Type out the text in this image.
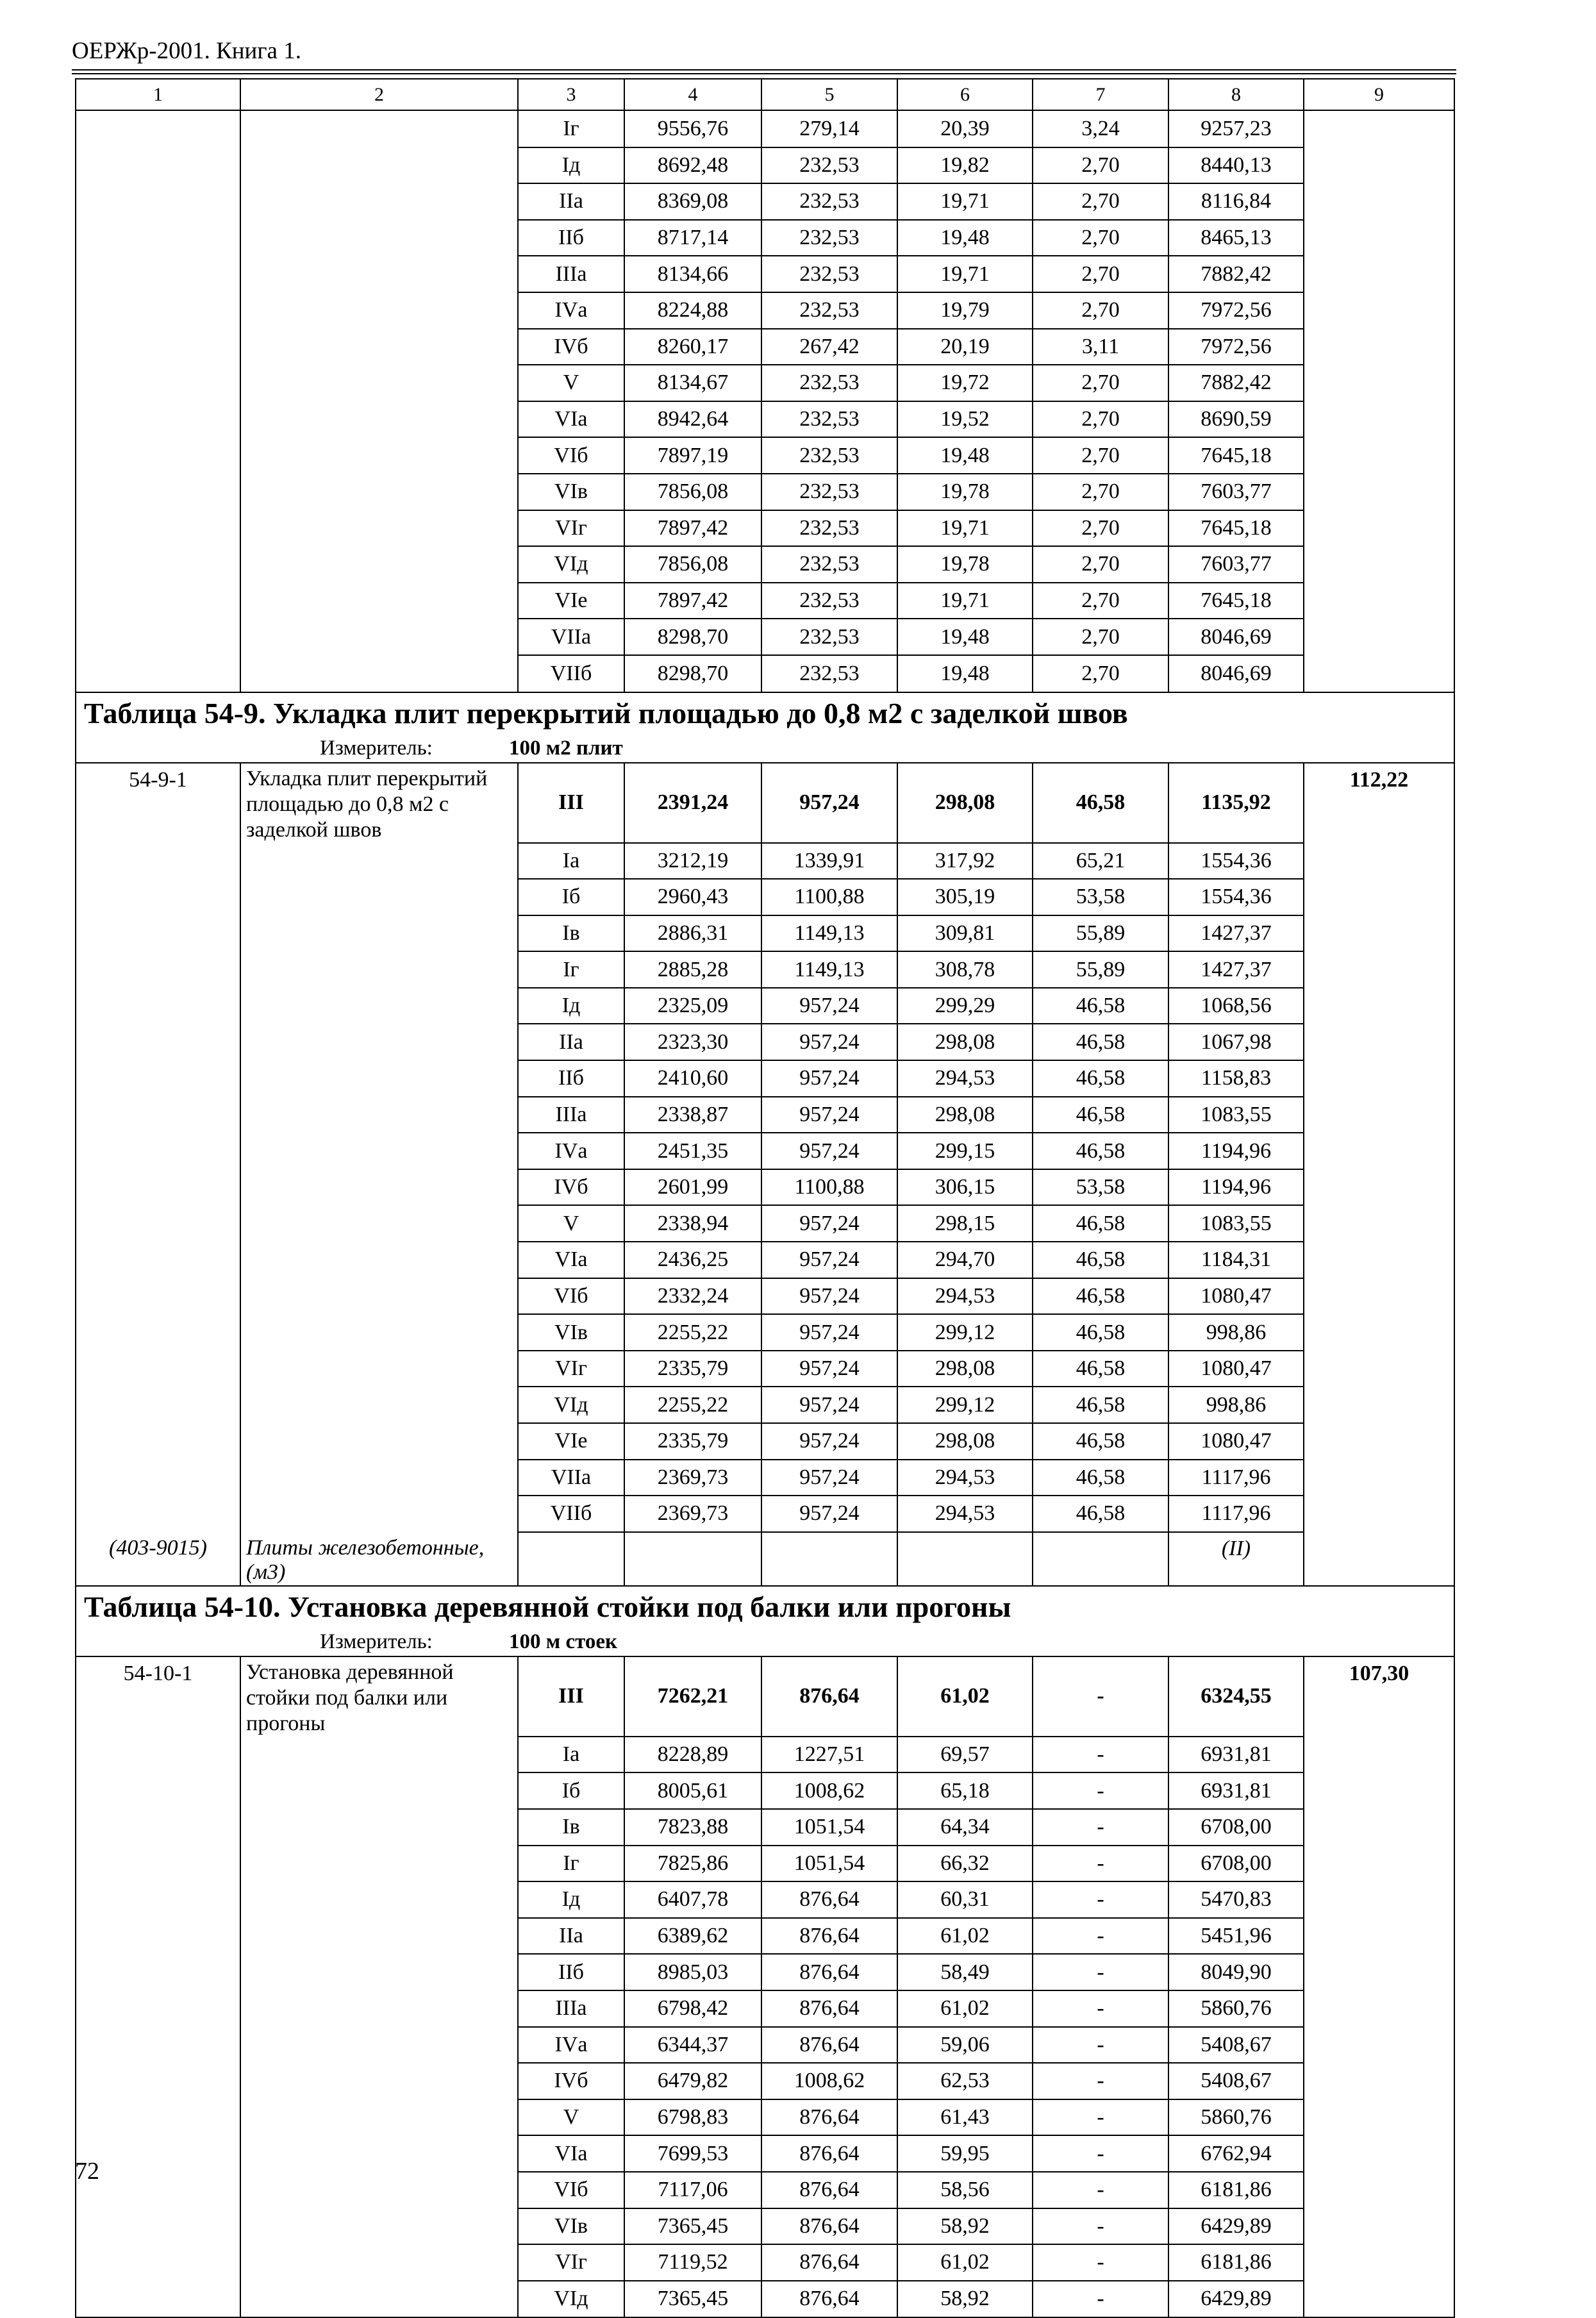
ОЕРЖр-2001. Книга 1.
1	2	3	4	5	6	7	8	9
		Iг	9556,76	279,14	20,39	3,24	9257,23	
		Iд	8692,48	232,53	19,82	2,70	8440,13	
		IIа	8369,08	232,53	19,71	2,70	8116,84	
		IIб	8717,14	232,53	19,48	2,70	8465,13	
		IIIа	8134,66	232,53	19,71	2,70	7882,42	
		IVа	8224,88	232,53	19,79	2,70	7972,56	
		IVб	8260,17	267,42	20,19	3,11	7972,56	
		V	8134,67	232,53	19,72	2,70	7882,42	
		VIа	8942,64	232,53	19,52	2,70	8690,59	
		VIб	7897,19	232,53	19,48	2,70	7645,18	
		VIв	7856,08	232,53	19,78	2,70	7603,77	
		VIг	7897,42	232,53	19,71	2,70	7645,18	
		VIд	7856,08	232,53	19,78	2,70	7603,77	
		VIе	7897,42	232,53	19,71	2,70	7645,18	
		VIIа	8298,70	232,53	19,48	2,70	8046,69	
		VIIб	8298,70	232,53	19,48	2,70	8046,69	
Таблица 54-9. Укладка плит перекрытий площадью до 0,8 м2 с заделкой швов								
Измеритель: 100 м2 плит								
54-9-1	Укладка плит перекрытий площадью до 0,8 м2 с заделкой швов	III	2391,24	957,24	298,08	46,58	1135,92	112,22
		Iа	3212,19	1339,91	317,92	65,21	1554,36	
		Iб	2960,43	1100,88	305,19	53,58	1554,36	
		Iв	2886,31	1149,13	309,81	55,89	1427,37	
		Iг	2885,28	1149,13	308,78	55,89	1427,37	
		Iд	2325,09	957,24	299,29	46,58	1068,56	
		IIа	2323,30	957,24	298,08	46,58	1067,98	
		IIб	2410,60	957,24	294,53	46,58	1158,83	
		IIIа	2338,87	957,24	298,08	46,58	1083,55	
		IVа	2451,35	957,24	299,15	46,58	1194,96	
		IVб	2601,99	1100,88	306,15	53,58	1194,96	
		V	2338,94	957,24	298,15	46,58	1083,55	
		VIа	2436,25	957,24	294,70	46,58	1184,31	
		VIб	2332,24	957,24	294,53	46,58	1080,47	
		VIв	2255,22	957,24	299,12	46,58	998,86	
		VIг	2335,79	957,24	298,08	46,58	1080,47	
		VIд	2255,22	957,24	299,12	46,58	998,86	
		VIе	2335,79	957,24	298,08	46,58	1080,47	
		VIIа	2369,73	957,24	294,53	46,58	1117,96	
		VIIб	2369,73	957,24	294,53	46,58	1117,96	
(403-9015)	Плиты железобетонные, (м3)						(II)	
Таблица 54-10. Установка деревянной стойки под балки или прогоны								
Измеритель: 100 м стоек								
54-10-1	Установка деревянной стойки под балки или прогоны	III	7262,21	876,64	61,02	-	6324,55	107,30
		Iа	8228,89	1227,51	69,57	-	6931,81	
		Iб	8005,61	1008,62	65,18	-	6931,81	
		Iв	7823,88	1051,54	64,34	-	6708,00	
		Iг	7825,86	1051,54	66,32	-	6708,00	
		Iд	6407,78	876,64	60,31	-	5470,83	
		IIа	6389,62	876,64	61,02	-	5451,96	
		IIб	8985,03	876,64	58,49	-	8049,90	
		IIIа	6798,42	876,64	61,02	-	5860,76	
		IVа	6344,37	876,64	59,06	-	5408,67	
		IVб	6479,82	1008,62	62,53	-	5408,67	
		V	6798,83	876,64	61,43	-	5860,76	
		VIа	7699,53	876,64	59,95	-	6762,94	
		VIб	7117,06	876,64	58,56	-	6181,86	
		VIв	7365,45	876,64	58,92	-	6429,89	
		VIг	7119,52	876,64	61,02	-	6181,86	
		VIд	7365,45	876,64	58,92	-	6429,89	
72
